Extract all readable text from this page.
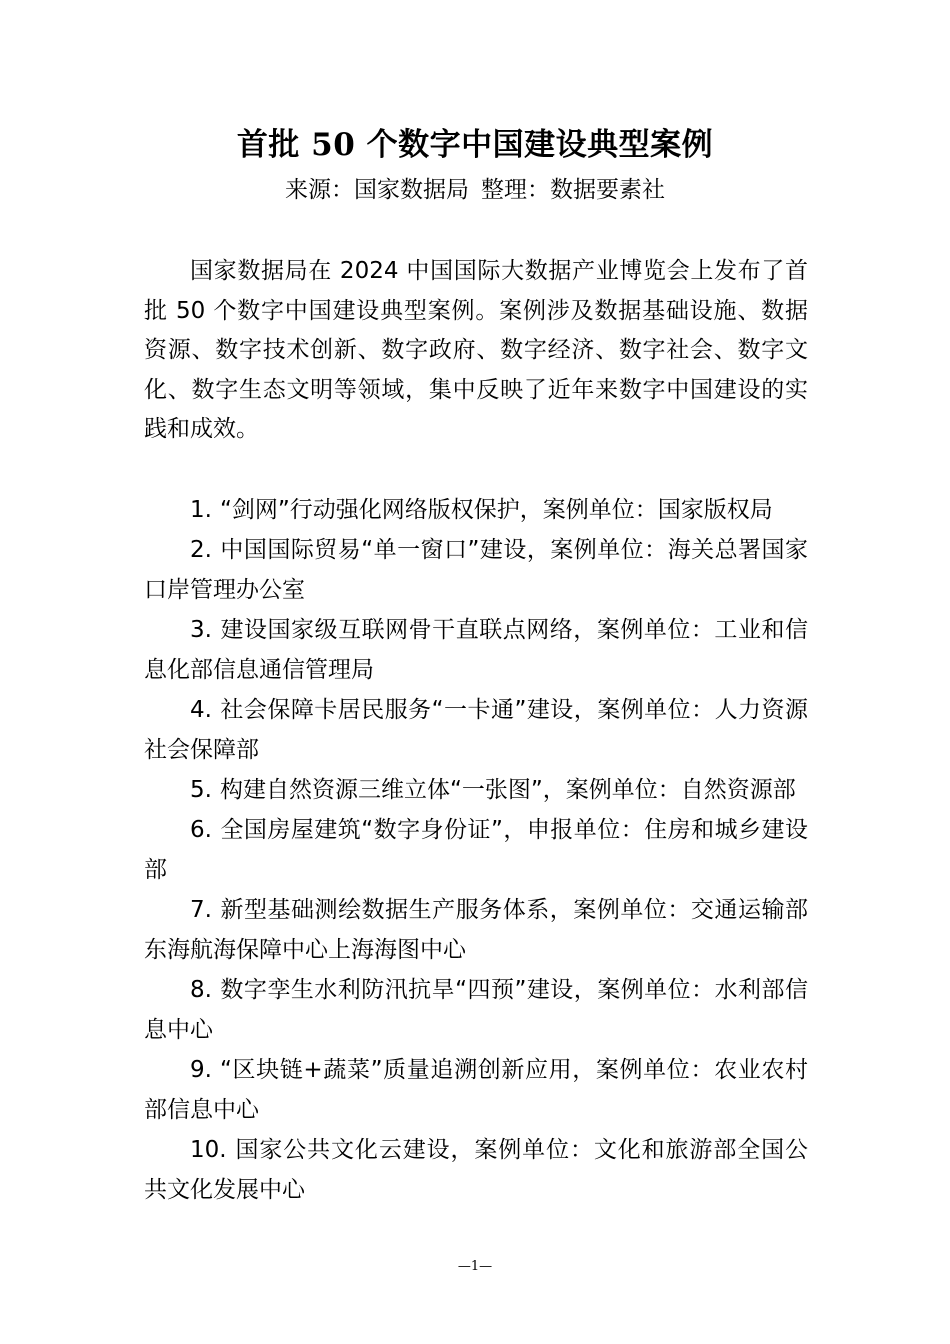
首批 50 个数字中国建设典型案例

来源：国家数据局 整理：数据要素社

国家数据局在 2024 中国国际大数据产业博览会上发布了首批 50 个数字中国建设典型案例。案例涉及数据基础设施、数据资源、数字技术创新、数字政府、数字经济、数字社会、数字文化、数字生态文明等领域，集中反映了近年来数字中国建设的实践和成效。

1. “剑网”行动强化网络版权保护，案例单位：国家版权局
2. 中国国际贸易“单一窗口”建设，案例单位：海关总署国家口岸管理办公室
3. 建设国家级互联网骨干直联点网络，案例单位：工业和信息化部信息通信管理局
4. 社会保障卡居民服务“一卡通”建设，案例单位：人力资源社会保障部
5. 构建自然资源三维立体“一张图”，案例单位：自然资源部
6. 全国房屋建筑“数字身份证”，申报单位：住房和城乡建设部
7. 新型基础测绘数据生产服务体系，案例单位：交通运输部东海航海保障中心上海海图中心
8. 数字孪生水利防汛抗旱“四预”建设，案例单位：水利部信息中心
9. “区块链+蔬菜”质量追溯创新应用，案例单位：农业农村部信息中心
10. 国家公共文化云建设，案例单位：文化和旅游部全国公共文化发展中心
—1—
